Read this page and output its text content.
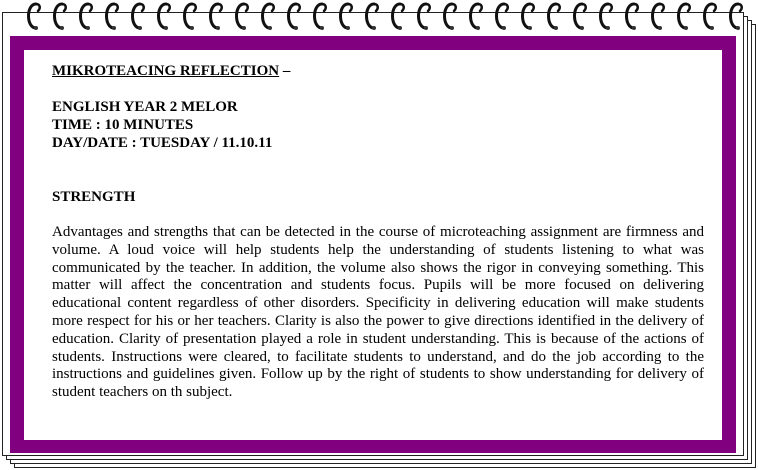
MIKROTEACING REFLECTION –

ENGLISH YEAR 2 MELOR

TIME : 10 MINUTES

DAY/DATE : TUESDAY / 11.10.11

STRENGTH

Advantages and strengths that can be detected in the course of microteaching assignment are firmness and volume. A loud voice will help students help the understanding of students listening to what was communicated by the teacher. In addition, the volume also shows the rigor in conveying something. This matter will affect the concentration and students focus. Pupils will be more focused on delivering educational content regardless of other disorders. Specificity in delivering education will make students more respect for his or her teachers. Clarity is also the power to give directions identified in the delivery of education. Clarity of presentation played a role in student understanding. This is because of the actions of students. Instructions were cleared, to facilitate students to understand, and do the job according to the instructions and guidelines given. Follow up by the right of students to show understanding for delivery of student teachers on th subject.
